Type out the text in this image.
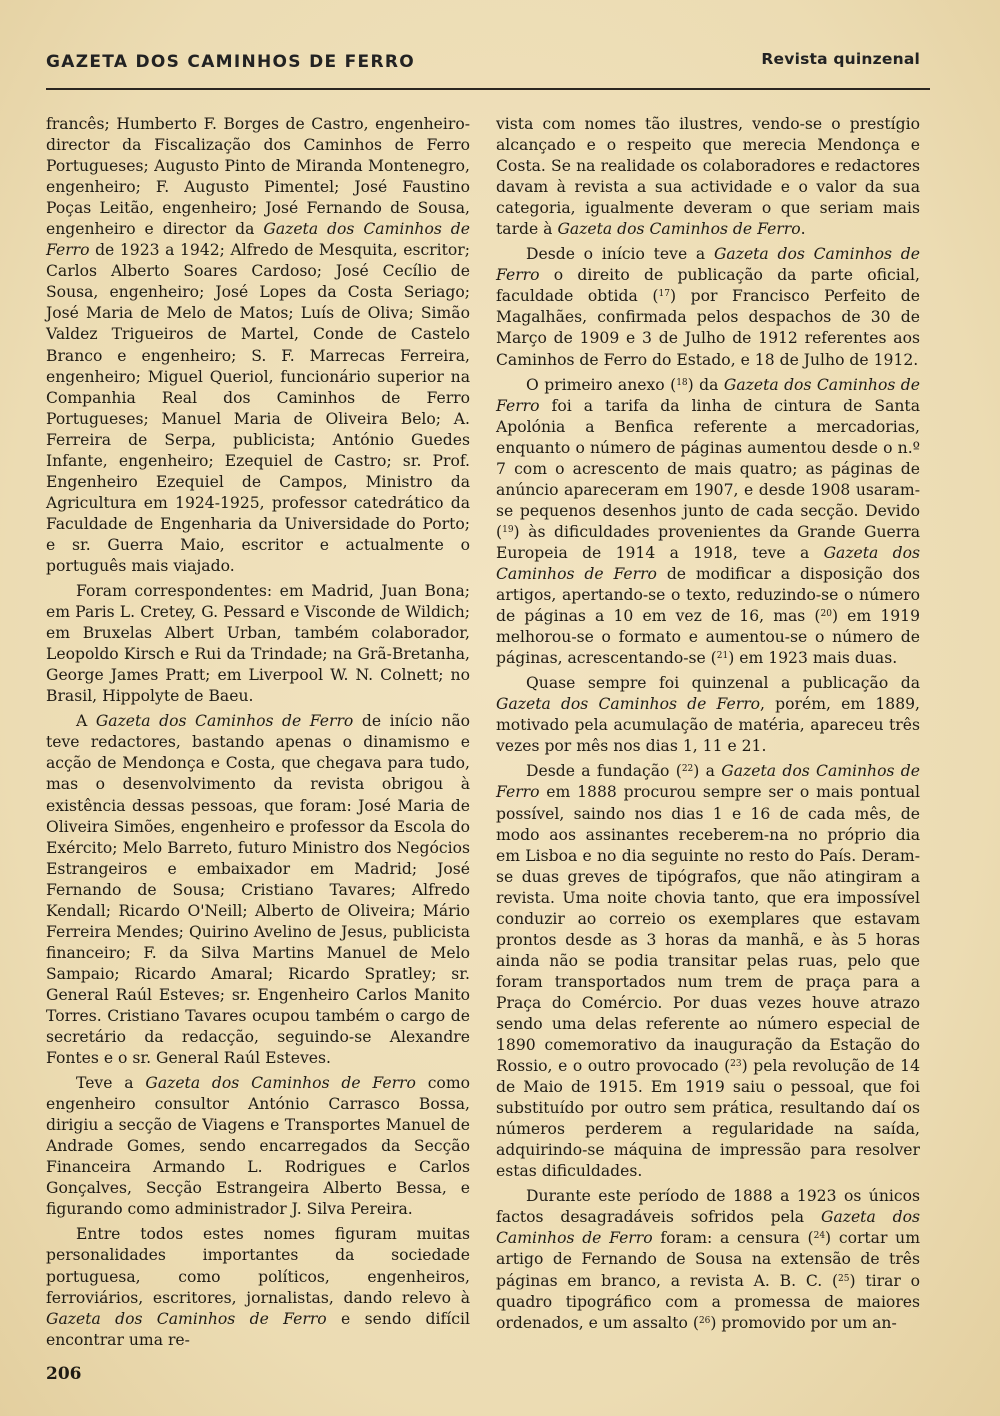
GAZETA DOS CAMINHOS DE FERRO	Revista quinzenal

francês; Humberto F. Borges de Castro, engenheiro-director da Fiscalização dos Caminhos de Ferro Portugueses; Augusto Pinto de Miranda Montenegro, engenheiro; F. Augusto Pimentel; José Faustino Poças Leitão, engenheiro; José Fernando de Sousa, engenheiro e director da Gazeta dos Caminhos de Ferro de 1923 a 1942; Alfredo de Mesquita, escritor; Carlos Alberto Soares Cardoso; José Cecílio de Sousa, engenheiro; José Lopes da Costa Seriago; José Maria de Melo de Matos; Luís de Oliva; Simão Valdez Trigueiros de Martel, Conde de Castelo Branco e engenheiro; S. F. Marrecas Ferreira, engenheiro; Miguel Queriol, funcionário superior na Companhia Real dos Caminhos de Ferro Portugueses; Manuel Maria de Oliveira Belo; A. Ferreira de Serpa, publicista; António Guedes Infante, engenheiro; Ezequiel de Castro; sr. Prof. Engenheiro Ezequiel de Campos, Ministro da Agricultura em 1924-1925, professor catedrático da Faculdade de Engenharia da Universidade do Porto; e sr. Guerra Maio, escritor e actualmente o português mais viajado.

Foram correspondentes: em Madrid, Juan Bona; em Paris L. Cretey, G. Pessard e Visconde de Wildich; em Bruxelas Albert Urban, também colaborador, Leopoldo Kirsch e Rui da Trindade; na Grã-Bretanha, George James Pratt; em Liverpool W. N. Colnett; no Brasil, Hippolyte de Baeu.

A Gazeta dos Caminhos de Ferro de início não teve redactores, bastando apenas o dinamismo e acção de Mendonça e Costa, que chegava para tudo, mas o desenvolvimento da revista obrigou à existência dessas pessoas, que foram: José Maria de Oliveira Simões, engenheiro e professor da Escola do Exército; Melo Barreto, futuro Ministro dos Negócios Estrangeiros e embaixador em Madrid; José Fernando de Sousa; Cristiano Tavares; Alfredo Kendall; Ricardo O'Neill; Alberto de Oliveira; Mário Ferreira Mendes; Quirino Avelino de Jesus, publicista financeiro; F. da Silva Martins Manuel de Melo Sampaio; Ricardo Amaral; Ricardo Spratley; sr. General Raúl Esteves; sr. Engenheiro Carlos Manito Torres. Cristiano Tavares ocupou também o cargo de secretário da redacção, seguindo-se Alexandre Fontes e o sr. General Raúl Esteves.

Teve a Gazeta dos Caminhos de Ferro como engenheiro consultor António Carrasco Bossa, dirigiu a secção de Viagens e Transportes Manuel de Andrade Gomes, sendo encarregados da Secção Financeira Armando L. Rodrigues e Carlos Gonçalves, Secção Estrangeira Alberto Bessa, e figurando como administrador J. Silva Pereira.

Entre todos estes nomes figuram muitas personalidades importantes da sociedade portuguesa, como políticos, engenheiros, ferroviários, escritores, jornalistas, dando relevo à Gazeta dos Caminhos de Ferro e sendo difícil encontrar uma re-

vista com nomes tão ilustres, vendo-se o prestígio alcançado e o respeito que merecia Mendonça e Costa. Se na realidade os colaboradores e redactores davam à revista a sua actividade e o valor da sua categoria, igualmente deveram o que seriam mais tarde à Gazeta dos Caminhos de Ferro.

Desde o início teve a Gazeta dos Caminhos de Ferro o direito de publicação da parte oficial, faculdade obtida ($^{17}$) por Francisco Perfeito de Magalhães, confirmada pelos despachos de 30 de Março de 1909 e 3 de Julho de 1912 referentes aos Caminhos de Ferro do Estado, e 18 de Julho de 1912.

O primeiro anexo ($^{18}$) da Gazeta dos Caminhos de Ferro foi a tarifa da linha de cintura de Santa Apolónia a Benfica referente a mercadorias, enquanto o número de páginas aumentou desde o n.º 7 com o acrescento de mais quatro; as páginas de anúncio apareceram em 1907, e desde 1908 usaram-se pequenos desenhos junto de cada secção. Devido ($^{19}$) às dificuldades provenientes da Grande Guerra Europeia de 1914 a 1918, teve a Gazeta dos Caminhos de Ferro de modificar a disposição dos artigos, apertando-se o texto, reduzindo-se o número de páginas a 10 em vez de 16, mas ($^{20}$) em 1919 melhorou-se o formato e aumentou-se o número de páginas, acrescentando-se ($^{21}$) em 1923 mais duas.

Quase sempre foi quinzenal a publicação da Gazeta dos Caminhos de Ferro, porém, em 1889, motivado pela acumulação de matéria, apareceu três vezes por mês nos dias 1, 11 e 21.

Desde a fundação ($^{22}$) a Gazeta dos Caminhos de Ferro em 1888 procurou sempre ser o mais pontual possível, saindo nos dias 1 e 16 de cada mês, de modo aos assinantes receberem-na no próprio dia em Lisboa e no dia seguinte no resto do País. Deram-se duas greves de tipógrafos, que não atingiram a revista. Uma noite chovia tanto, que era impossível conduzir ao correio os exemplares que estavam prontos desde as 3 horas da manhã, e às 5 horas ainda não se podia transitar pelas ruas, pelo que foram transportados num trem de praça para a Praça do Comércio. Por duas vezes houve atrazo sendo uma delas referente ao número especial de 1890 comemorativo da inauguração da Estação do Rossio, e o outro provocado ($^{23}$) pela revolução de 14 de Maio de 1915. Em 1919 saiu o pessoal, que foi substituído por outro sem prática, resultando daí os números perderem a regularidade na saída, adquirindo-se máquina de impressão para resolver estas dificuldades.

Durante este período de 1888 a 1923 os únicos factos desagradáveis sofridos pela Gazeta dos Caminhos de Ferro foram: a censura ($^{24}$) cortar um artigo de Fernando de Sousa na extensão de três páginas em branco, a revista A. B. C. ($^{25}$) tirar o quadro tipográfico com a promessa de maiores ordenados, e um assalto ($^{26}$) promovido por um an-

206
